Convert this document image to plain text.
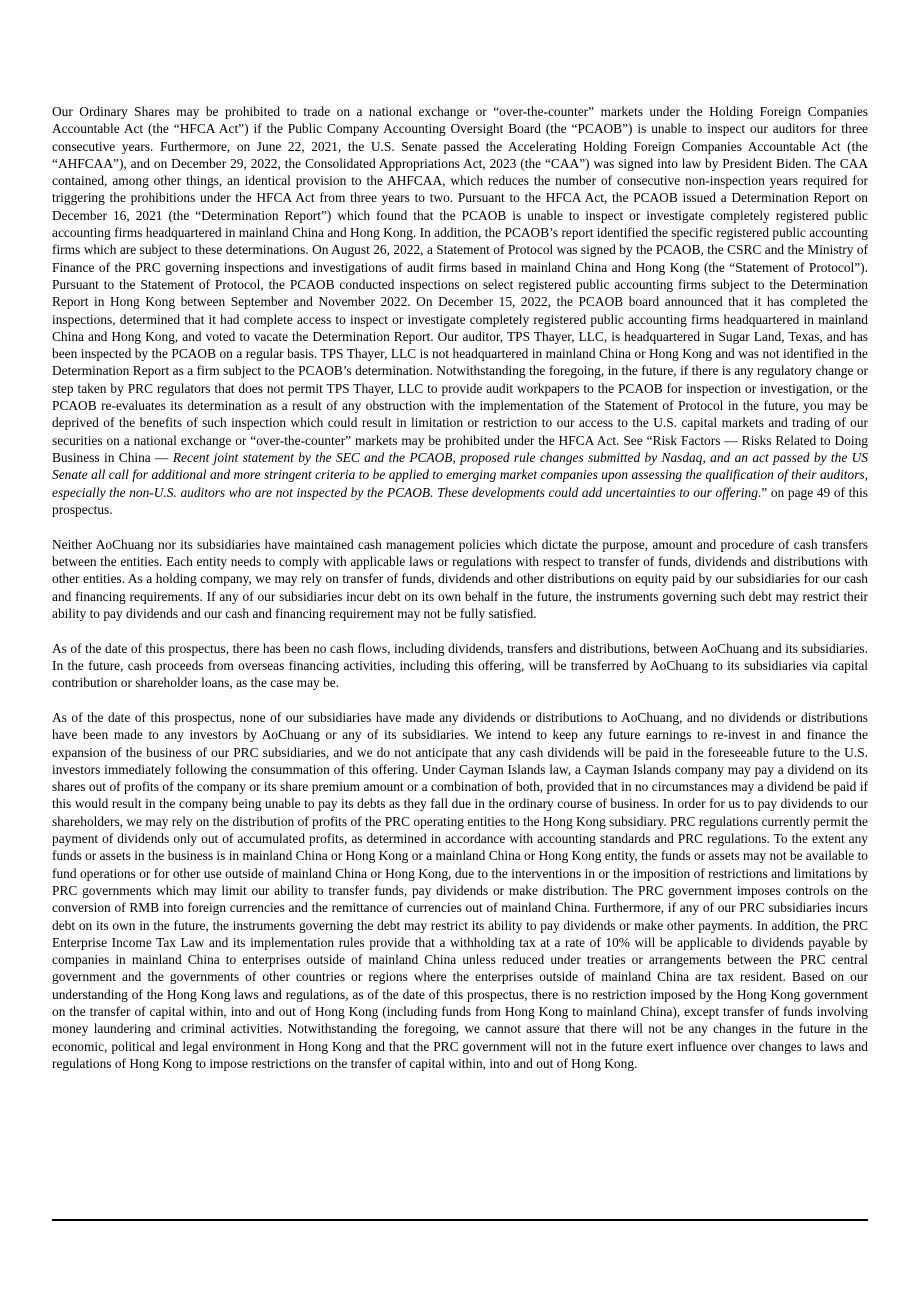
Our Ordinary Shares may be prohibited to trade on a national exchange or “over-the-counter” markets under the Holding Foreign Companies Accountable Act (the “HFCA Act”) if the Public Company Accounting Oversight Board (the “PCAOB”) is unable to inspect our auditors for three consecutive years. Furthermore, on June 22, 2021, the U.S. Senate passed the Accelerating Holding Foreign Companies Accountable Act (the “AHFCAA”), and on December 29, 2022, the Consolidated Appropriations Act, 2023 (the “CAA”) was signed into law by President Biden. The CAA contained, among other things, an identical provision to the AHFCAA, which reduces the number of consecutive non-inspection years required for triggering the prohibitions under the HFCA Act from three years to two. Pursuant to the HFCA Act, the PCAOB issued a Determination Report on December 16, 2021 (the “Determination Report”) which found that the PCAOB is unable to inspect or investigate completely registered public accounting firms headquartered in mainland China and Hong Kong. In addition, the PCAOB’s report identified the specific registered public accounting firms which are subject to these determinations. On August 26, 2022, a Statement of Protocol was signed by the PCAOB, the CSRC and the Ministry of Finance of the PRC governing inspections and investigations of audit firms based in mainland China and Hong Kong (the “Statement of Protocol”). Pursuant to the Statement of Protocol, the PCAOB conducted inspections on select registered public accounting firms subject to the Determination Report in Hong Kong between September and November 2022. On December 15, 2022, the PCAOB board announced that it has completed the inspections, determined that it had complete access to inspect or investigate completely registered public accounting firms headquartered in mainland China and Hong Kong, and voted to vacate the Determination Report. Our auditor, TPS Thayer, LLC, is headquartered in Sugar Land, Texas, and has been inspected by the PCAOB on a regular basis. TPS Thayer, LLC is not headquartered in mainland China or Hong Kong and was not identified in the Determination Report as a firm subject to the PCAOB’s determination. Notwithstanding the foregoing, in the future, if there is any regulatory change or step taken by PRC regulators that does not permit TPS Thayer, LLC to provide audit workpapers to the PCAOB for inspection or investigation, or the PCAOB re-evaluates its determination as a result of any obstruction with the implementation of the Statement of Protocol in the future, you may be deprived of the benefits of such inspection which could result in limitation or restriction to our access to the U.S. capital markets and trading of our securities on a national exchange or “over-the-counter” markets may be prohibited under the HFCA Act. See “Risk Factors — Risks Related to Doing Business in China — Recent joint statement by the SEC and the PCAOB, proposed rule changes submitted by Nasdaq, and an act passed by the US Senate all call for additional and more stringent criteria to be applied to emerging market companies upon assessing the qualification of their auditors, especially the non-U.S. auditors who are not inspected by the PCAOB. These developments could add uncertainties to our offering.” on page 49 of this prospectus.

Neither AoChuang nor its subsidiaries have maintained cash management policies which dictate the purpose, amount and procedure of cash transfers between the entities. Each entity needs to comply with applicable laws or regulations with respect to transfer of funds, dividends and distributions with other entities. As a holding company, we may rely on transfer of funds, dividends and other distributions on equity paid by our subsidiaries for our cash and financing requirements. If any of our subsidiaries incur debt on its own behalf in the future, the instruments governing such debt may restrict their ability to pay dividends and our cash and financing requirement may not be fully satisfied.

As of the date of this prospectus, there has been no cash flows, including dividends, transfers and distributions, between AoChuang and its subsidiaries. In the future, cash proceeds from overseas financing activities, including this offering, will be transferred by AoChuang to its subsidiaries via capital contribution or shareholder loans, as the case may be.

As of the date of this prospectus, none of our subsidiaries have made any dividends or distributions to AoChuang, and no dividends or distributions have been made to any investors by AoChuang or any of its subsidiaries. We intend to keep any future earnings to re-invest in and finance the expansion of the business of our PRC subsidiaries, and we do not anticipate that any cash dividends will be paid in the foreseeable future to the U.S. investors immediately following the consummation of this offering. Under Cayman Islands law, a Cayman Islands company may pay a dividend on its shares out of profits of the company or its share premium amount or a combination of both, provided that in no circumstances may a dividend be paid if this would result in the company being unable to pay its debts as they fall due in the ordinary course of business. In order for us to pay dividends to our shareholders, we may rely on the distribution of profits of the PRC operating entities to the Hong Kong subsidiary. PRC regulations currently permit the payment of dividends only out of accumulated profits, as determined in accordance with accounting standards and PRC regulations. To the extent any funds or assets in the business is in mainland China or Hong Kong or a mainland China or Hong Kong entity, the funds or assets may not be available to fund operations or for other use outside of mainland China or Hong Kong, due to the interventions in or the imposition of restrictions and limitations by PRC governments which may limit our ability to transfer funds, pay dividends or make distribution. The PRC government imposes controls on the conversion of RMB into foreign currencies and the remittance of currencies out of mainland China. Furthermore, if any of our PRC subsidiaries incurs debt on its own in the future, the instruments governing the debt may restrict its ability to pay dividends or make other payments. In addition, the PRC Enterprise Income Tax Law and its implementation rules provide that a withholding tax at a rate of 10% will be applicable to dividends payable by companies in mainland China to enterprises outside of mainland China unless reduced under treaties or arrangements between the PRC central government and the governments of other countries or regions where the enterprises outside of mainland China are tax resident. Based on our understanding of the Hong Kong laws and regulations, as of the date of this prospectus, there is no restriction imposed by the Hong Kong government on the transfer of capital within, into and out of Hong Kong (including funds from Hong Kong to mainland China), except transfer of funds involving money laundering and criminal activities. Notwithstanding the foregoing, we cannot assure that there will not be any changes in the future in the economic, political and legal environment in Hong Kong and that the PRC government will not in the future exert influence over changes to laws and regulations of Hong Kong to impose restrictions on the transfer of capital within, into and out of Hong Kong.
